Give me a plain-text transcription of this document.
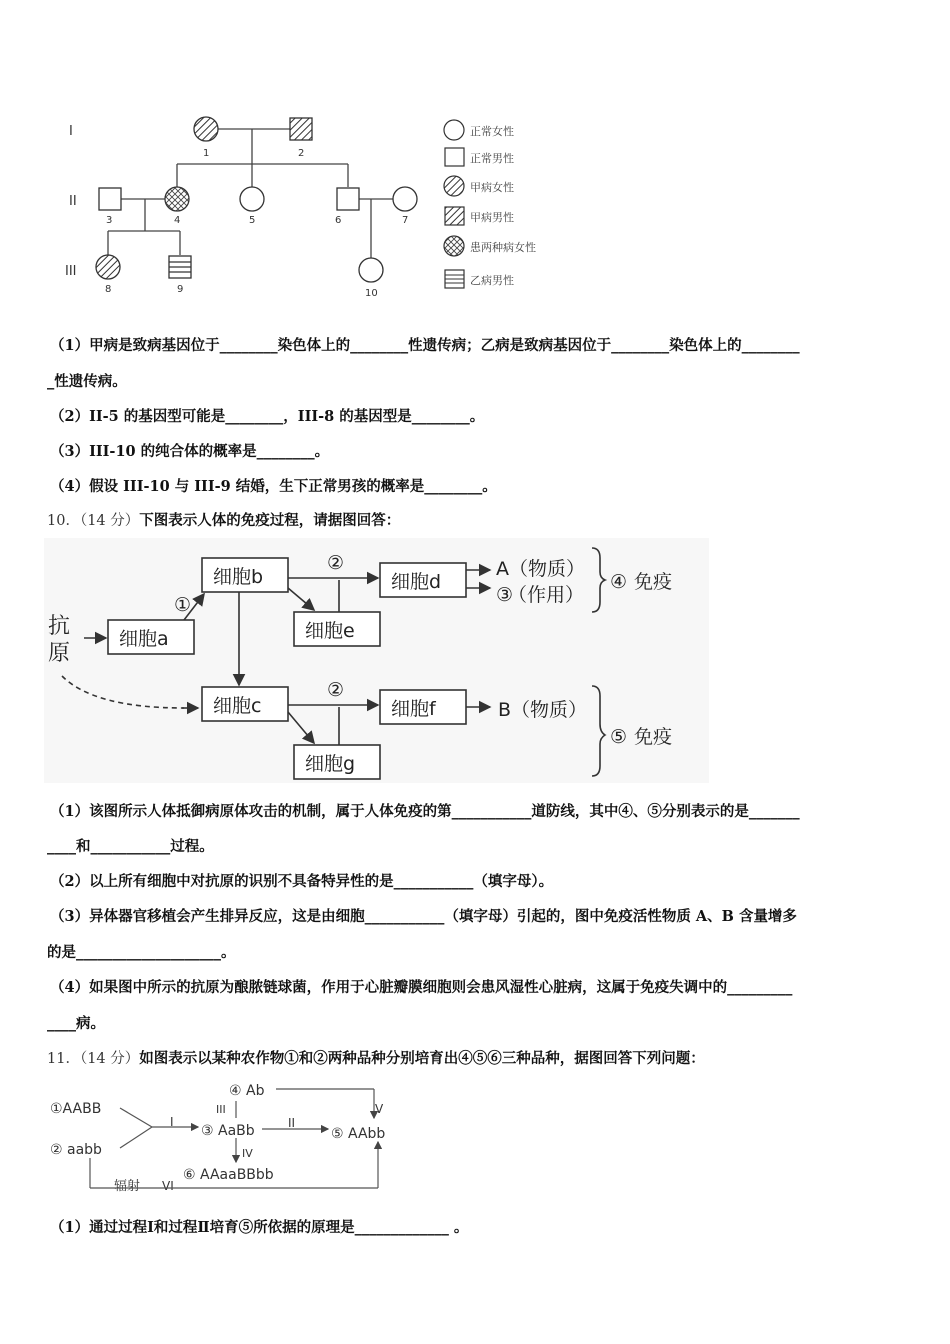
I
II
III
1	2
3	4	5	6	7
8	9	10
正常女性
正常男性
甲病女性
甲病男性
患两种病女性
乙病男性
（1）甲病是致病基因位于________染色体上的________性遗传病；乙病是致病基因位于________染色体上的________
_性遗传病。
（2）II-5 的基因型可能是________，III-8 的基因型是________。
（3）III-10 的纯合体的概率是________。
（4）假设 III-10 与 III-9 结婚，生下正常男孩的概率是________。
10．（14 分）下图表示人体的免疫过程，请据图回答：
抗
原
细胞a
细胞b	细胞d
细胞e
细胞c	细胞f
细胞g
①
②
②
A（物质）
③
（作用）
B（物质）
④ 免疫
⑤ 免疫
（1）该图所示人体抵御病原体攻击的机制，属于人体免疫的第___________道防线，其中④、⑤分别表示的是_______
____和___________过程。
（2）以上所有细胞中对抗原的识别不具备特异性的是___________（填字母）。
（3）异体器官移植会产生排异反应，这是由细胞___________（填字母）引起的，图中免疫活性物质 A、B 含量增多
的是____________________。
（4）如果图中所示的抗原为酿脓链球菌，作用于心脏瓣膜细胞则会患风湿性心脏病，这属于免疫失调中的_________
____病。
11．（14 分）如图表示以某种农作物①和②两种品种分别培育出④⑤⑥三种品种，据图回答下列问题：
①AABB
② aabb
③ AaBb
④ Ab
⑤ AAbb
⑥ AAaaBBbb
I	II
III
IV
V
辐射 VI
（1）通过过程Ⅰ和过程Ⅱ培育⑤所依据的原理是_____________ 。
